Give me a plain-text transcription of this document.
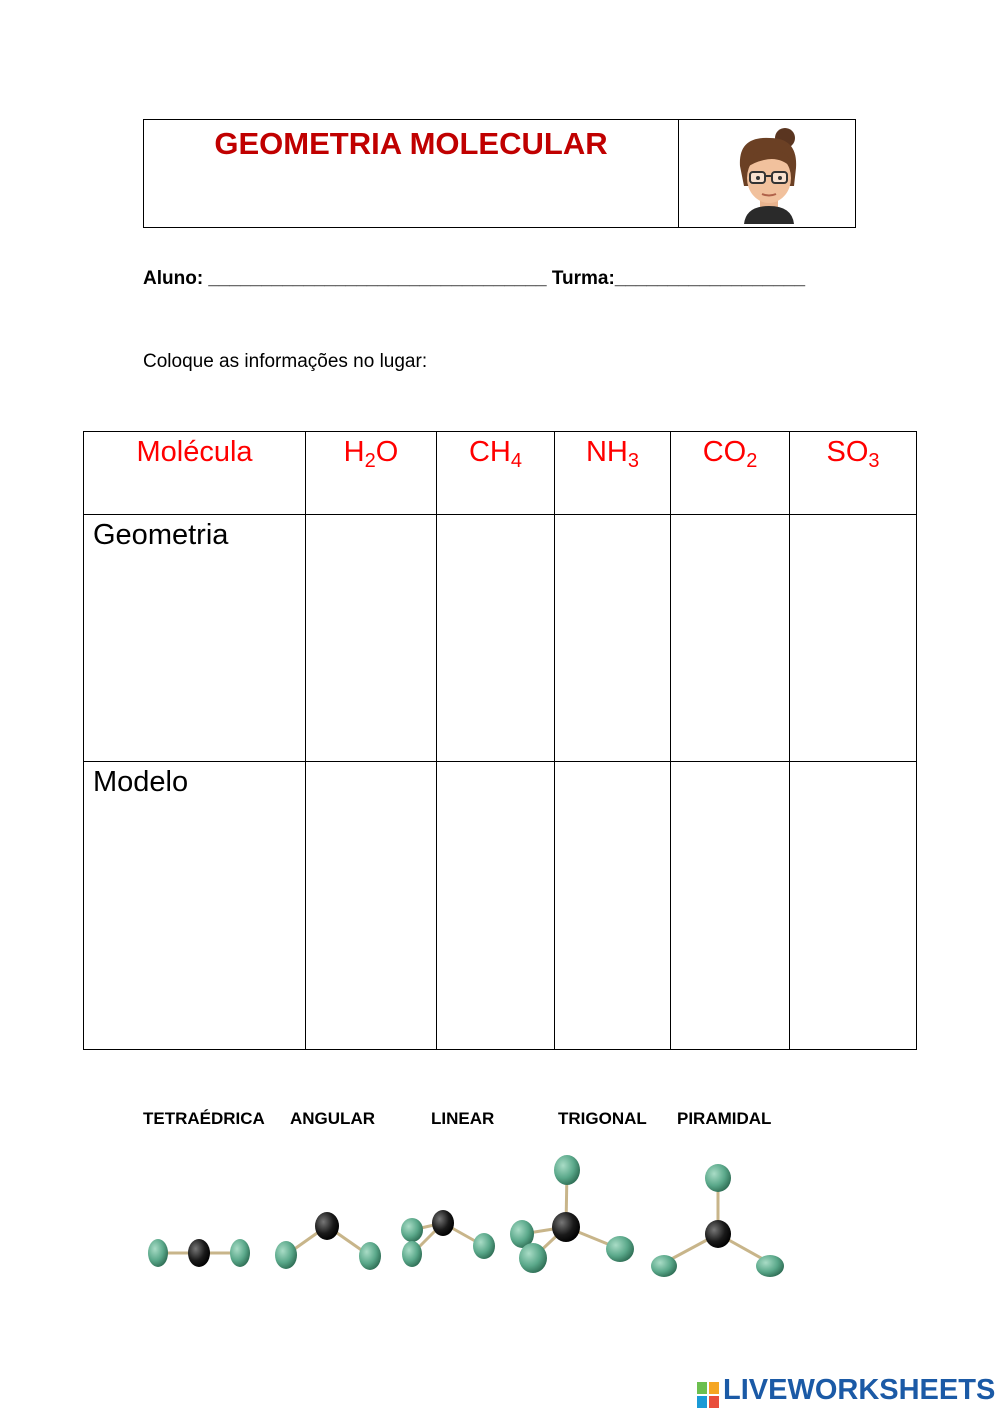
GEOMETRIA MOLECULAR
Aluno: ________________________________ Turma:__________________
Coloque as informações no lugar:
Molécula	$H_2O$	$CH_4$	$NH_3$	$CO_2$	$SO_3$
Geometria					
Modelo					
TETRAÉDRICA ANGULAR	LINEAR	TRIGONAL PIRAMIDAL
LIVEWORKSHEETS
